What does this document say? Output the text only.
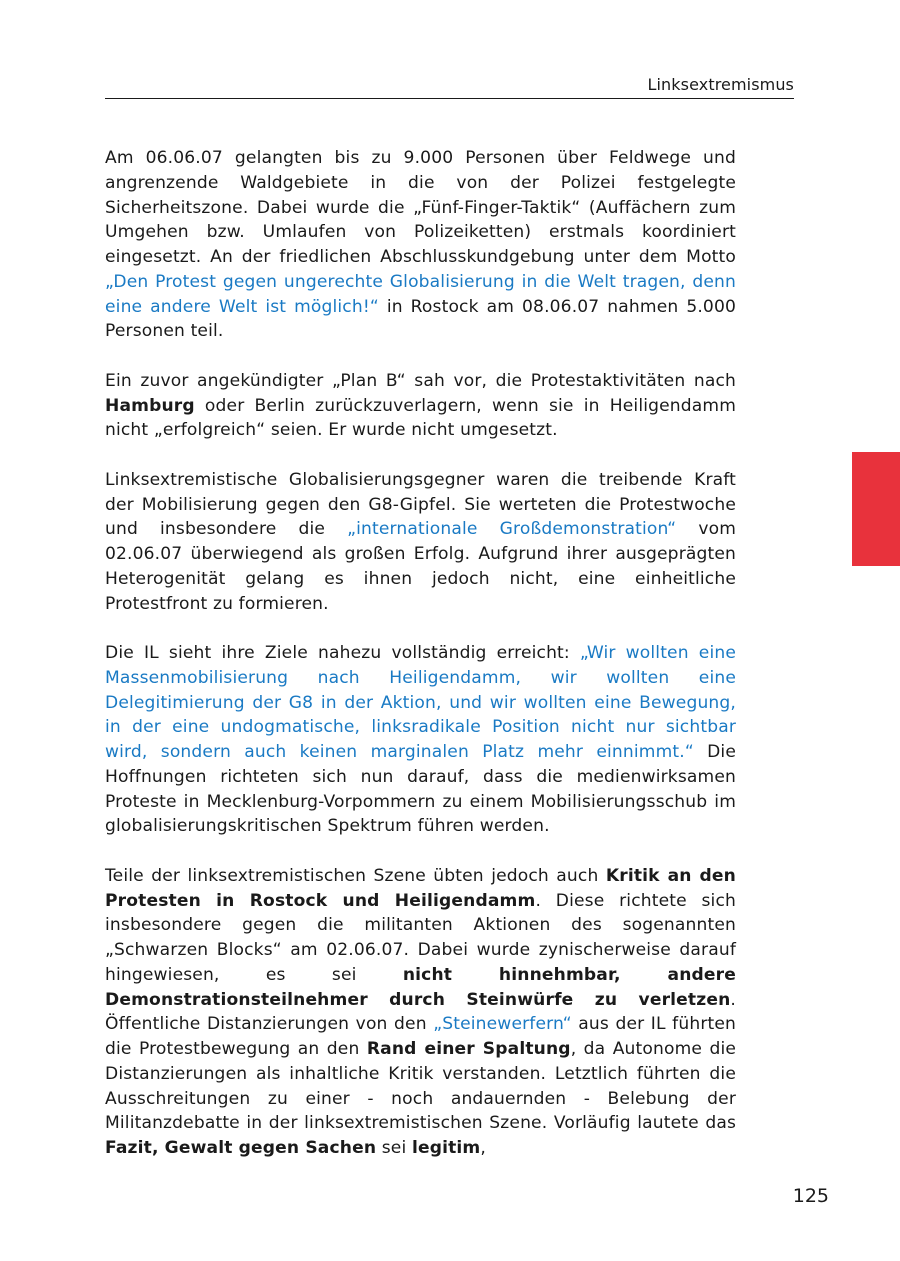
Linksextremismus

Am 06.06.07 gelangten bis zu 9.000 Personen über Feldwege und angrenzende Waldgebiete in die von der Polizei festgelegte Sicherheitszone. Dabei wurde die „Fünf-Finger-Taktik“ (Auffächern zum Umgehen bzw. Umlaufen von Polizeiketten) erstmals koordiniert eingesetzt. An der friedlichen Abschlusskundgebung unter dem Motto „Den Protest gegen ungerechte Globalisierung in die Welt tragen, denn eine andere Welt ist möglich!“ in Rostock am 08.06.07 nahmen 5.000 Personen teil.

Ein zuvor angekündigter „Plan B“ sah vor, die Protestaktivitäten nach Hamburg oder Berlin zurückzuverlagern, wenn sie in Heiligendamm nicht „erfolgreich“ seien. Er wurde nicht umgesetzt.

Linksextremistische Globalisierungsgegner waren die treibende Kraft der Mobilisierung gegen den G8-Gipfel. Sie werteten die Protestwoche und insbesondere die „internationale Großdemonstration“ vom 02.06.07 überwiegend als großen Erfolg. Aufgrund ihrer ausgeprägten Heterogenität gelang es ihnen jedoch nicht, eine einheitliche Protestfront zu formieren.

Die IL sieht ihre Ziele nahezu vollständig erreicht: „Wir wollten eine Massenmobilisierung nach Heiligendamm, wir wollten eine Delegitimierung der G8 in der Aktion, und wir wollten eine Bewegung, in der eine undogmatische, linksradikale Position nicht nur sichtbar wird, sondern auch keinen marginalen Platz mehr einnimmt.“ Die Hoffnungen richteten sich nun darauf, dass die medienwirksamen Proteste in Mecklenburg-Vorpommern zu einem Mobilisierungsschub im globalisierungskritischen Spektrum führen werden.

Teile der linksextremistischen Szene übten jedoch auch Kritik an den Protesten in Rostock und Heiligendamm. Diese richtete sich insbesondere gegen die militanten Aktionen des sogenannten „Schwarzen Blocks“ am 02.06.07. Dabei wurde zynischerweise darauf hingewiesen, es sei nicht hinnehmbar, andere Demonstrationsteilnehmer durch Steinwürfe zu verletzen. Öffentliche Distanzierungen von den „Steinewerfern“ aus der IL führten die Protestbewegung an den Rand einer Spaltung, da Autonome die Distanzierungen als inhaltliche Kritik verstanden. Letztlich führten die Ausschreitungen zu einer - noch andauernden - Belebung der Militanzdebatte in der linksextremistischen Szene. Vorläufig lautete das Fazit, Gewalt gegen Sachen sei legitim,

125
